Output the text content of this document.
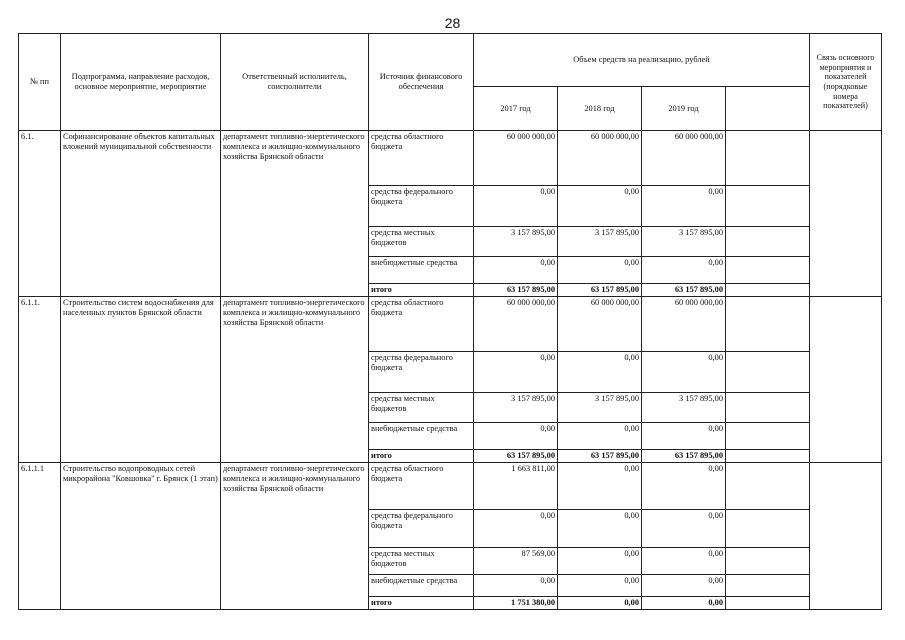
28
№ пп	Подпрограмма, направление расходов, основное мероприятие, мероприятие	Ответственный исполнитель, соисполнители	Источник финансового обеспечения	Объем средств на реализацию, рублей				Связь основного мероприятия и показателей (порядковые номера показателей)
				2017 год	2018 год	2019 год		
6.1.	Софинансирование объектов капитальных вложений муниципальной собственности	департамент топливно-энергетического комплекса и жилищно-коммунального хозяйства Брянской области	средства областного бюджета	60 000 000,00	60 000 000,00	60 000 000,00		
			средства федерального бюджета	0,00	0,00	0,00		
			средства местных бюджетов	3 157 895,00	3 157 895,00	3 157 895,00		
			внебюджетные средства	0,00	0,00	0,00		
			итого	63 157 895,00	63 157 895,00	63 157 895,00		
6.1.1.	Строительство систем водоснабжения для населенных пунктов Брянской области	департамент топливно-энергетического комплекса и жилищно-коммунального хозяйства Брянской области	средства областного бюджета	60 000 000,00	60 000 000,00	60 000 000,00		
			средства федерального бюджета	0,00	0,00	0,00		
			средства местных бюджетов	3 157 895,00	3 157 895,00	3 157 895,00		
			внебюджетные средства	0,00	0,00	0,00		
			итого	63 157 895,00	63 157 895,00	63 157 895,00		
6.1.1.1	Строительство водопроводных сетей микрорайона "Ковшовка" г. Брянск (1 этап)	департамент топливно-энергетического комплекса и жилищно-коммунального хозяйства Брянской области	средства областного бюджета	1 663 811,00	0,00	0,00		
			средства федерального бюджета	0,00	0,00	0,00		
			средства местных бюджетов	87 569,00	0,00	0,00		
			внебюджетные средства	0,00	0,00	0,00		
			итого	1 751 380,00	0,00	0,00		
